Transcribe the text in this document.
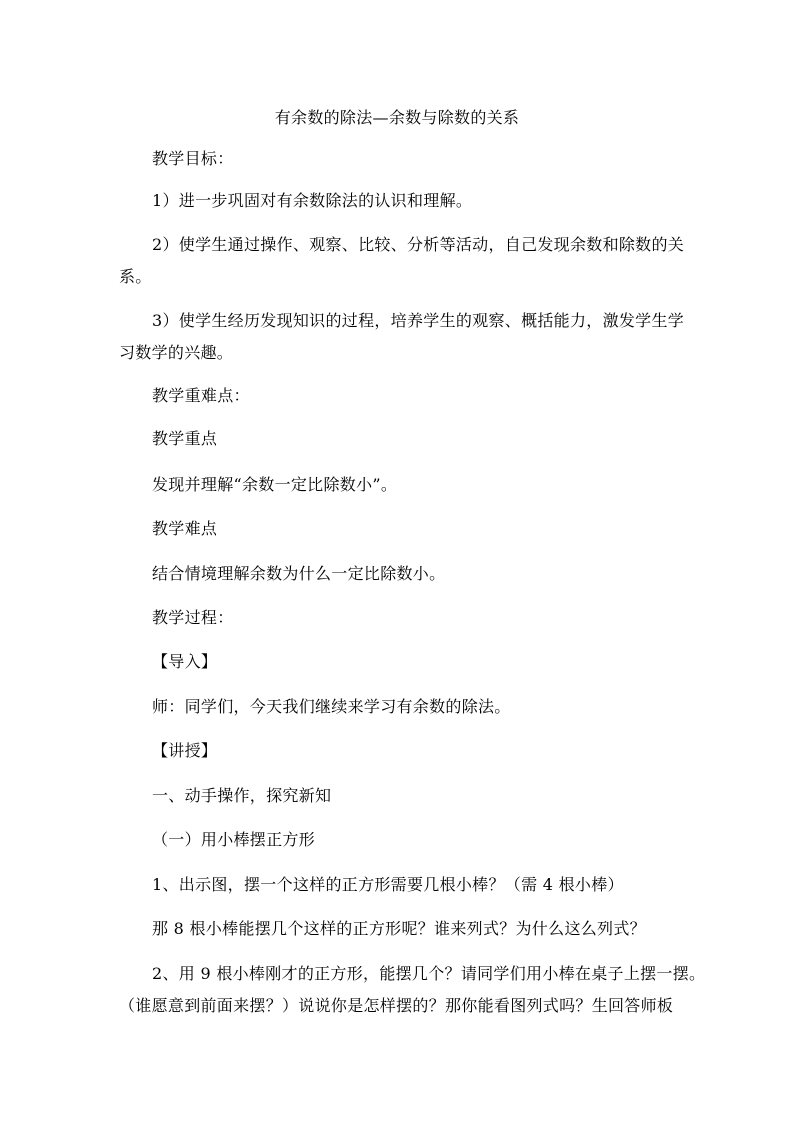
有余数的除法—余数与除数的关系
教学目标：
1）进一步巩固对有余数除法的认识和理解。
2）使学生通过操作、观察、比较、分析等活动，自己发现余数和除数的关
系。
3）使学生经历发现知识的过程，培养学生的观察、概括能力，激发学生学
习数学的兴趣。
教学重难点：
教学重点
发现并理解“余数一定比除数小”。
教学难点
结合情境理解余数为什么一定比除数小。
教学过程：
【导入】
师：同学们，今天我们继续来学习有余数的除法。
【讲授】
一、动手操作，探究新知
（一）用小棒摆正方形
1、出示图，摆一个这样的正方形需要几根小棒？（需 4 根小棒）
那 8 根小棒能摆几个这样的正方形呢？谁来列式？为什么这么列式？
2、用 9 根小棒刚才的正方形，能摆几个？请同学们用小棒在桌子上摆一摆。
（谁愿意到前面来摆？）说说你是怎样摆的？那你能看图列式吗？生回答师板
